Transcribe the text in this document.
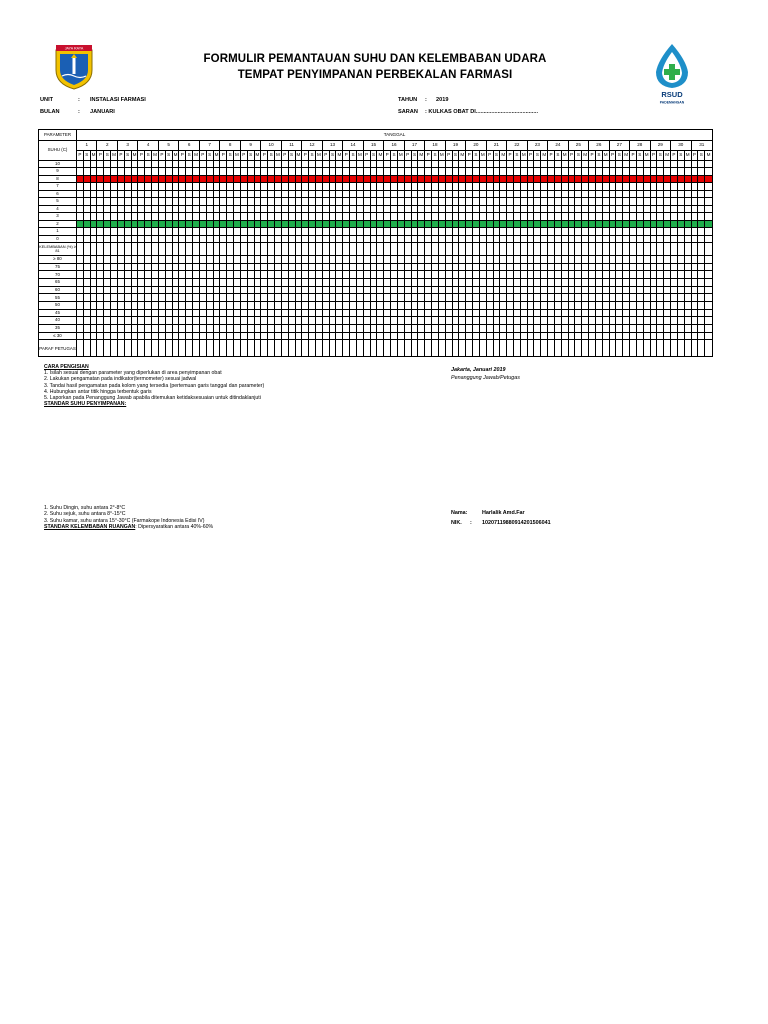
JAYA RAYA
RSUD
PADEMANGAN
FORMULIR PEMANTAUAN SUHU DAN KELEMBABAN UDARA
TEMPAT PENYIMPANAN PERBEKALAN FARMASI
UNIT	: INSTALASI FARMASI
BULAN	: JANUARI
TAHUN : 2019
SARAN : KULKAS OBAT DI........................................
PARAMETER	TANGGAL
SUHU (C)	1	2	3	4	5	6	7	8	9	10	11	12	13	14	15	16	17	18	19	20	21	22	23	24	25	26	27	28	29	30	31
P	S	M	P	S	M	P	S	M	P	S	M	P	S	M	P	S	M	P	S	M	P	S	M	P	S	M	P	S	M	P	S	M	P	S	M	P	S	M	P	S	M	P	S	M	P	S	M	P	S	M	P	S	M	P	S	M	P	S	M	P	S	M	P	S	M	P	S	M	P	S	M	P	S	M	P	S	M	P	S	M	P	S	M	P	S	M	P	S	M	P	S	M
10																																																																																													
9																																																																																													
8																																																																																													
7																																																																																													
6																																																																																													
5																																																																																													
4																																																																																													
3																																																																																													
2																																																																																													
1																																																																																													
0																																																																																													
KELEMBABAN (%) ≥ 81																																																																																													
≥ 80																																																																																													
75																																																																																													
70																																																																																													
65																																																																																													
60																																																																																													
55																																																																																													
50																																																																																													
45																																																																																													
40																																																																																													
35																																																																																													
≤ 30																																																																																													
PARAF PETUGAS																																																																																													
CARA PENGISIAN
1. Isilah sesuai dengan parameter yang diperlukan di area penyimpanan obat
2. Lakukan pengamatan pada indikator(termometer) sesuai jadwal
3. Tandai hasil pengamatan pada kolom yang tersedia (pertemuan garis tanggal dan parameter)
4. Hubungkan antar titik hingga terbentuk garis
5. Laporkan pada Penanggung Jawab apabila ditemukan ketidaksesuaian untuk ditindaklanjuti
STANDAR SUHU PENYIMPANAN:
1. Suhu Dingin, suhu antara 2°-8°C
2. Suhu sejuk, suhu antara 8°-15°C
3. Suhu kamar, suhu antara 15°-30°C (Farmakope Indonesia Edisi IV)
STANDAR KELEMBABAN RUANGAN: Dipersyaratkan antara 40%-60%
Jakarta, Januari 2019
Penanggung Jawab/Petugas
Nama:	Harlalik Amd.Far
NIK. : 102071198809142015060​41
